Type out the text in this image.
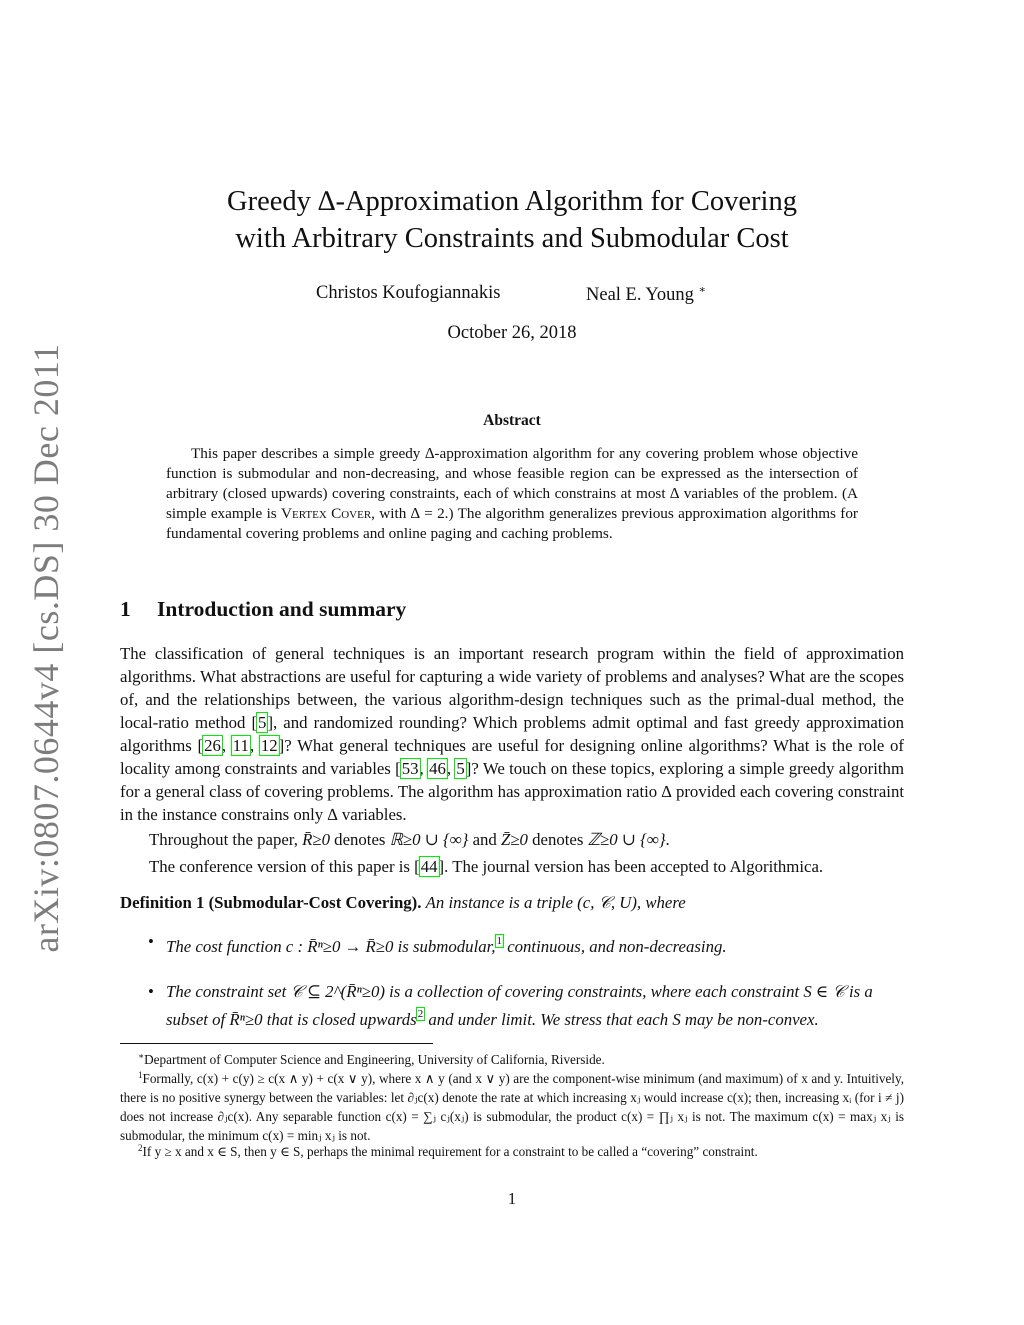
arXiv:0807.0644v4 [cs.DS] 30 Dec 2011
Greedy ∆-Approximation Algorithm for Covering
with Arbitrary Constraints and Submodular Cost
Christos Koufogiannakis	Neal E. Young ∗
October 26, 2018
Abstract

This paper describes a simple greedy ∆-approximation algorithm for any covering problem whose objective function is submodular and non-decreasing, and whose feasible region can be expressed as the intersection of arbitrary (closed upwards) covering constraints, each of which constrains at most ∆ variables of the problem. (A simple example is Vertex Cover, with ∆ = 2.) The algorithm generalizes previous approximation algorithms for fundamental covering problems and online paging and caching problems.

1 Introduction and summary

The classification of general techniques is an important research program within the field of approximation algorithms. What abstractions are useful for capturing a wide variety of problems and analyses? What are the scopes of, and the relationships between, the various algorithm-design techniques such as the primal-dual method, the local-ratio method [5], and randomized rounding? Which problems admit optimal and fast greedy approximation algorithms [26, 11, 12]? What general techniques are useful for designing online algorithms? What is the role of locality among constraints and variables [53, 46, 5]? We touch on these topics, exploring a simple greedy algorithm for a general class of covering problems. The algorithm has approximation ratio ∆ provided each covering constraint in the instance constrains only ∆ variables.

Throughout the paper, R̄≥0 denotes ℝ≥0 ∪ {∞} and Z̄≥0 denotes ℤ≥0 ∪ {∞}.

The conference version of this paper is [44]. The journal version has been accepted to Algorithmica.

Definition 1 (Submodular-Cost Covering). An instance is a triple (c, 𝒞, U), where
• The cost function c : R̄ⁿ≥0 → R̄≥0 is submodular,$^1$ continuous, and non-decreasing.
• The constraint set 𝒞 ⊆ 2^(R̄ⁿ≥0) is a collection of covering constraints, where each constraint S ∈ 𝒞 is a
subset of R̄ⁿ≥0 that is closed upwards$^2$ and under limit. We stress that each S may be non-convex.

∗Department of Computer Science and Engineering, University of California, Riverside.

$^1$Formally, c(x) + c(y) ≥ c(x ∧ y) + c(x ∨ y), where x ∧ y (and x ∨ y) are the component-wise minimum (and maximum) of x and y. Intuitively, there is no positive synergy between the variables: let ∂ⱼc(x) denote the rate at which increasing xⱼ would increase c(x); then, increasing xᵢ (for i ≠ j) does not increase ∂ⱼc(x). Any separable function c(x) = ∑ⱼ cⱼ(xⱼ) is submodular, the product c(x) = ∏ⱼ xⱼ is not. The maximum c(x) = maxⱼ xⱼ is submodular, the minimum c(x) = minⱼ xⱼ is not.

$^2$If y ≥ x and x ∈ S, then y ∈ S, perhaps the minimal requirement for a constraint to be called a “covering” constraint.

1
